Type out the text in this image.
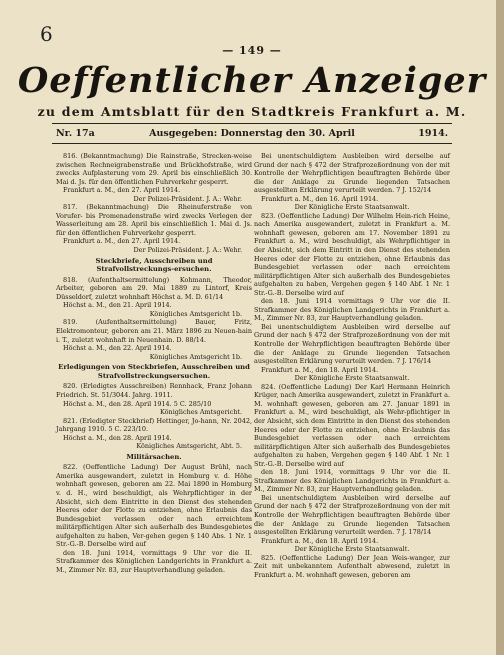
6
— 149 —
Oeffentlicher Anzeiger
zu dem Amtsblatt für den Stadtkreis Frankfurt a. M.
Ausgegeben: Donnerstag den 30. April
Nr. 17a	1914.

816. (Bekanntmachung) Die Rainstraße, Strecken-weise zwischen Rechneigrabenstraße und Brückhofstraße, wird zwecks Aufplasterung vom 29. April bis einschließlich 30. Mai d. Js. für den öffentlichen Fuhrverkehr gesperrt.

Frankfurt a. M., den 27. April 1914.

Der Polizei-Präsident. J. A.: Wehr.

817. (Bekanntmachung) Die Rheinuferstraße von Vorufer- bis Promenadenstraße wird zwecks Verlegen der Wasserleitung am 28. April bis einschließlich 1. Mai d. Js. für den öffentlichen Fuhrverkehr gesperrt.

Frankfurt a. M., den 27. April 1914.

Der Polizei-Präsident. J. A.: Wehr.

Steckbriefe, Ausschreiben und Strafvollstreckungs-ersuchen.

818. (Aufenthaltsermittelung) Kohmann, Theodor, Arbeiter, geboren am 29. Mai 1889 zu Lintorf, Kreis Düsseldorf, zuletzt wohnhaft Höchst a. M. D. 61/14

Höchst a. M., den 21. April 1914.

Königliches Amtsgericht 1b.

819. (Aufenthaltsermittelung) Bauer, Fritz, Elektromonteur, geboren am 21. März 1896 zu Neuen-hain i. T., zuletzt wohnhaft in Neuenhain. D. 88/14.

Höchst a. M., den 22. April 1914.

Königliches Amtsgericht 1b.

Erledigungen von Steckbriefen, Ausschreiben und Strafvollstreckungsersuchen.

820. (Erledigtes Ausschreiben) Rennhack, Franz Johann Friedrich. St. 51/3044. Jahrg. 1911.

Höchst a. M., den 28. April 1914. 5 C. 285/10

Königliches Amtsgericht.

821. (Erledigter Steckbrief) Hettinger, Jo-hann, Nr. 2042, Jahrgang 1910. 5 C. 223/10.

Höchst a. M., den 28. April 1914.

Königliches Amtsgericht, Abt. 5.

Militärsachen.

822. (Oeffentliche Ladung) Der August Brühl, nach Amerika ausgewandert, zuletzt in Homburg v. d. Höhe wohnhaft gewesen, geboren am 22. Mai 1890 in Homburg v. d. H., wird beschuldigt, als Wehrpflichtiger in der Absicht, sich dem Eintritte in den Dienst des stehenden Heeres oder der Flotte zu entziehen, ohne Erlaubnis das Bundesgebiet verlassen oder nach erreichtem militärpflichtigen Alter sich außerhalb des Bundesgebietes aufgehalten zu haben, Ver-gehen gegen § 140 Abs. 1 Nr. 1 Str.-G.-B. Derselbe wird auf

den 18. Juni 1914, vormittags 9 Uhr vor die II. Strafkammer des Königlichen Landgerichts in Frankfurt a. M., Zimmer Nr. 83, zur Hauptverhandlung geladen.

Bei unentschuldigtem Ausbleiben wird derselbe auf Grund der nach § 472 der Strafprozeßordnung von der mit Kontrolle der Wehrpflichtigen beauftragten Behörde über die der Anklage zu Grunde liegenden Tatsachen ausgestellten Erklärung verurteilt werden. 7 J. 152/14

Frankfurt a. M., den 16. April 1914.

Der Königliche Erste Staatsanwalt.

823. (Oeffentliche Ladung) Der Wilhelm Hein-rich Heine, nach Amerika ausgewandert, zuletzt in Frankfurt a. M. wohnhaft gewesen, geboren am 17. November 1891 zu Frankfurt a. M., wird beschuldigt, als Wehrpflichtiger in der Absicht, sich dem Eintritt in den Dienst des stehenden Heeres oder der Flotte zu entziehen, ohne Erlaubnis das Bundesgebiet verlassen oder nach erreichtem militärpflichtigen Alter sich außerhalb des Bundesgebietes aufgehalten zu haben, Vergehen gegen § 140 Abf. 1 Nr. 1 Str.-G.-B. Derselbe wird auf

den 18. Juni 1914 vormittags 9 Uhr vor die II. Strafkammer des Königlichen Landgerichts in Frankfurt a. M., Zimmer Nr. 83, zur Hauptverhandlung geladen.

Bei unentschuldigtem Ausbleiben wird derselbe auf Grund der nach § 472 der Strafprozeßordnung von der mit Kontrolle der Wehrpflichtigen beauftragten Behörde über die der Anklage zu Grunde liegenden Tatsachen ausgestellten Erklärung verurteilt werden. 7 J. 176/14

Frankfurt a. M., den 18. April 1914.

Der Königliche Erste Staatsanwalt.

824. (Oeffentliche Ladung) Der Karl Hermann Heinrich Krüger, nach Amerika ausgewandert, zuletzt in Frankfurt a. M. wohnhaft gewesen, geboren am 27. Januar 1891 in Frankfurt a. M., wird beschuldigt, als Wehr-pflichtiger in der Absicht, sich dem Eintritte in den Dienst des stehenden Heeres oder der Flotte zu entziehen, ohne Er-laubnis das Bundesgebiet verlassen oder nach erreichtem militärpflichtigen Alter sich außerhalb des Bundesgebietes aufgehalten zu haben, Vergehen gegen § 140 Abf. 1 Nr. 1 Str.-G.-B. Derselbe wird auf

den 18. Juni 1914, vormittags 9 Uhr vor die II. Strafkammer des Königlichen Landgerichts in Frankfurt a. M., Zimmer Nr. 83, zur Hauptverhandlung geladen.

Bei unentschuldigtem Ausbleiben wird derselbe auf Grund der nach § 472 der Strafprozeßordnung von der mit Kontrolle der Wehrpflichtigen beauftragten Behörde über die der Anklage zu Grunde liegenden Tatsachen ausgestellten Erklärung verurteilt werden. 7 J. 178/14

Frankfurt a. M., den 18. April 1914.

Der Königliche Erste Staatsanwalt.

825. (Oeffentliche Ladung) Der Jean Weis-wanger, zur Zeit mit unbekanntem Aufenthalt abwesend, zuletzt in Frankfurt a. M. wohnhaft gewesen, geboren am
